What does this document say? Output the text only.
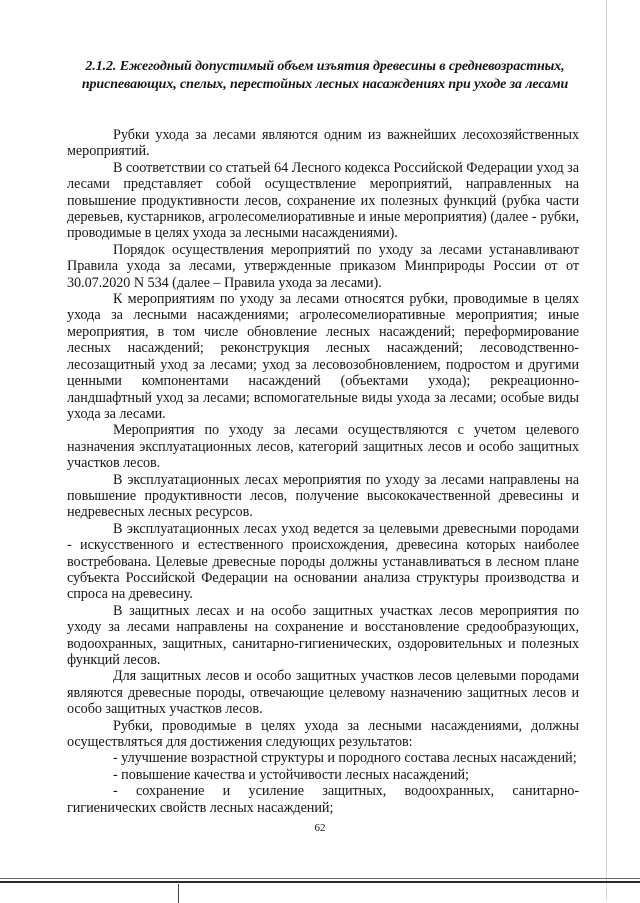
2.1.2. Ежегодный допустимый объем изъятия древесины в средневозрастных, приспевающих, спелых, перестойных лесных насаждениях при уходе за лесами

Рубки ухода за лесами являются одним из важнейших лесохозяйственных мероприятий.

В соответствии со статьей 64 Лесного кодекса Российской Федерации уход за лесами представляет собой осуществление мероприятий, направленных на повышение продуктивности лесов, сохранение их полезных функций (рубка части деревьев, кустарников, агролесомелиоративные и иные мероприятия) (далее - рубки, проводимые в целях ухода за лесными насаждениями).

Порядок осуществления мероприятий по уходу за лесами устанавливают Правила ухода за лесами, утвержденные приказом Минприроды России от от 30.07.2020 N 534 (далее – Правила ухода за лесами).

К мероприятиям по уходу за лесами относятся рубки, проводимые в целях ухода за лесными насаждениями; агролесомелиоративные мероприятия; иные мероприятия, в том числе обновление лесных насаждений; переформирование лесных насаждений; реконструкция лесных насаждений; лесоводственно-лесозащитный уход за лесами; уход за лесовозобновлением, подростом и другими ценными компонентами насаждений (объектами ухода); рекреационно-ландшафтный уход за лесами; вспомогательные виды ухода за лесами; особые виды ухода за лесами.

Мероприятия по уходу за лесами осуществляются с учетом целевого назначения эксплуатационных лесов, категорий защитных лесов и особо защитных участков лесов.

В эксплуатационных лесах мероприятия по уходу за лесами направлены на повышение продуктивности лесов, получение высококачественной древесины и недревесных лесных ресурсов.

В эксплуатационных лесах уход ведется за целевыми древесными породами - искусственного и естественного происхождения, древесина которых наиболее востребована. Целевые древесные породы должны устанавливаться в лесном плане субъекта Российской Федерации на основании анализа структуры производства и спроса на древесину.

В защитных лесах и на особо защитных участках лесов мероприятия по уходу за лесами направлены на сохранение и восстановление средообразующих, водоохранных, защитных, санитарно-гигиенических, оздоровительных и полезных функций лесов.

Для защитных лесов и особо защитных участков лесов целевыми породами являются древесные породы, отвечающие целевому назначению защитных лесов и особо защитных участков лесов.

Рубки, проводимые в целях ухода за лесными насаждениями, должны осуществляться для достижения следующих результатов:

- улучшение возрастной структуры и породного состава лесных насаждений;

- повышение качества и устойчивости лесных насаждений;

- сохранение и усиление защитных, водоохранных, санитарно-гигиенических свойств лесных насаждений;

62
